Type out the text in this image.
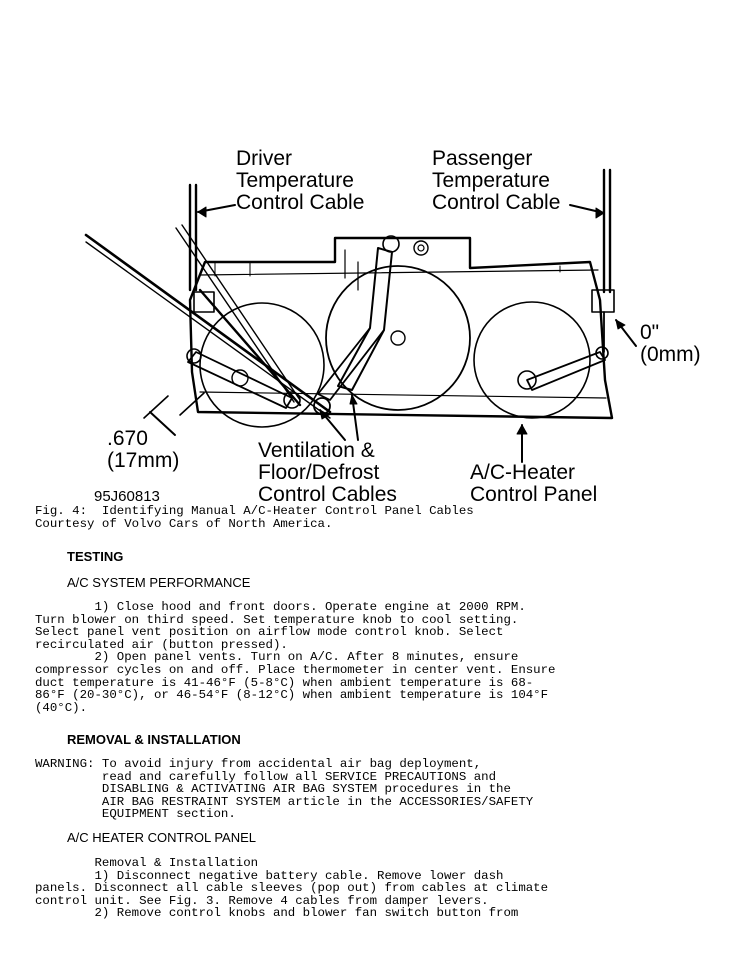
Driver
Temperature
Control Cable
Passenger
Temperature
Control Cable
0"
(0mm)
.670
(17mm)	Ventilation &
Floor/Defrost
Control Cables
A/C-Heater
Control Panel
95J60813
Fig. 4:  Identifying Manual A/C-Heater Control Panel Cables
Courtesy of Volvo Cars of North America.
TESTING
A/C SYSTEM PERFORMANCE
1) Close hood and front doors. Operate engine at 2000 RPM.
Turn blower on third speed. Set temperature knob to cool setting.
Select panel vent position on airflow mode control knob. Select
recirculated air (button pressed).
2) Open panel vents. Turn on A/C. After 8 minutes, ensure
compressor cycles on and off. Place thermometer in center vent. Ensure
duct temperature is 41-46°F (5-8°C) when ambient temperature is 68-
86°F (20-30°C), or 46-54°F (8-12°C) when ambient temperature is 104°F
(40°C).
REMOVAL & INSTALLATION
WARNING: To avoid injury from accidental air bag deployment,
read and carefully follow all SERVICE PRECAUTIONS and
DISABLING & ACTIVATING AIR BAG SYSTEM procedures in the
AIR BAG RESTRAINT SYSTEM article in the ACCESSORIES/SAFETY
EQUIPMENT section.
A/C HEATER CONTROL PANEL
Removal & Installation
1) Disconnect negative battery cable. Remove lower dash
panels. Disconnect all cable sleeves (pop out) from cables at climate
control unit. See Fig. 3. Remove 4 cables from damper levers.
2) Remove control knobs and blower fan switch button from
